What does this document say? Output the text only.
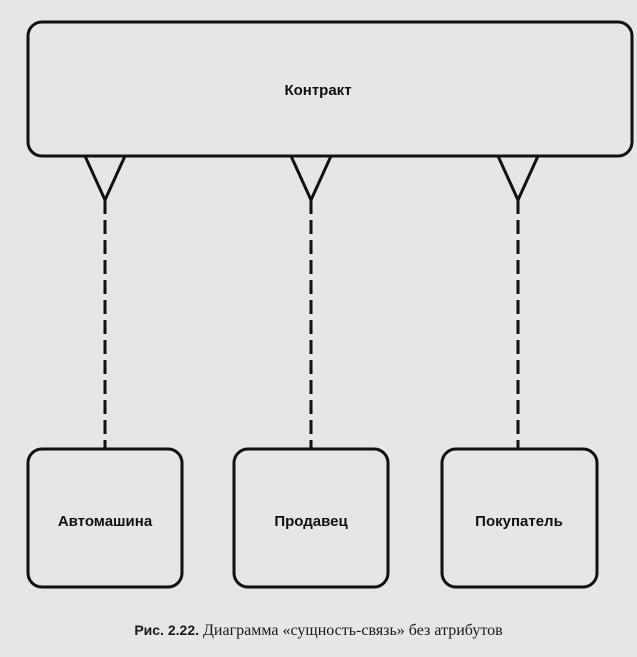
Контракт
Автомашина	Продавец	Покупатель
Рис. 2.22. Диаграмма «сущность-связь» без атрибутов
